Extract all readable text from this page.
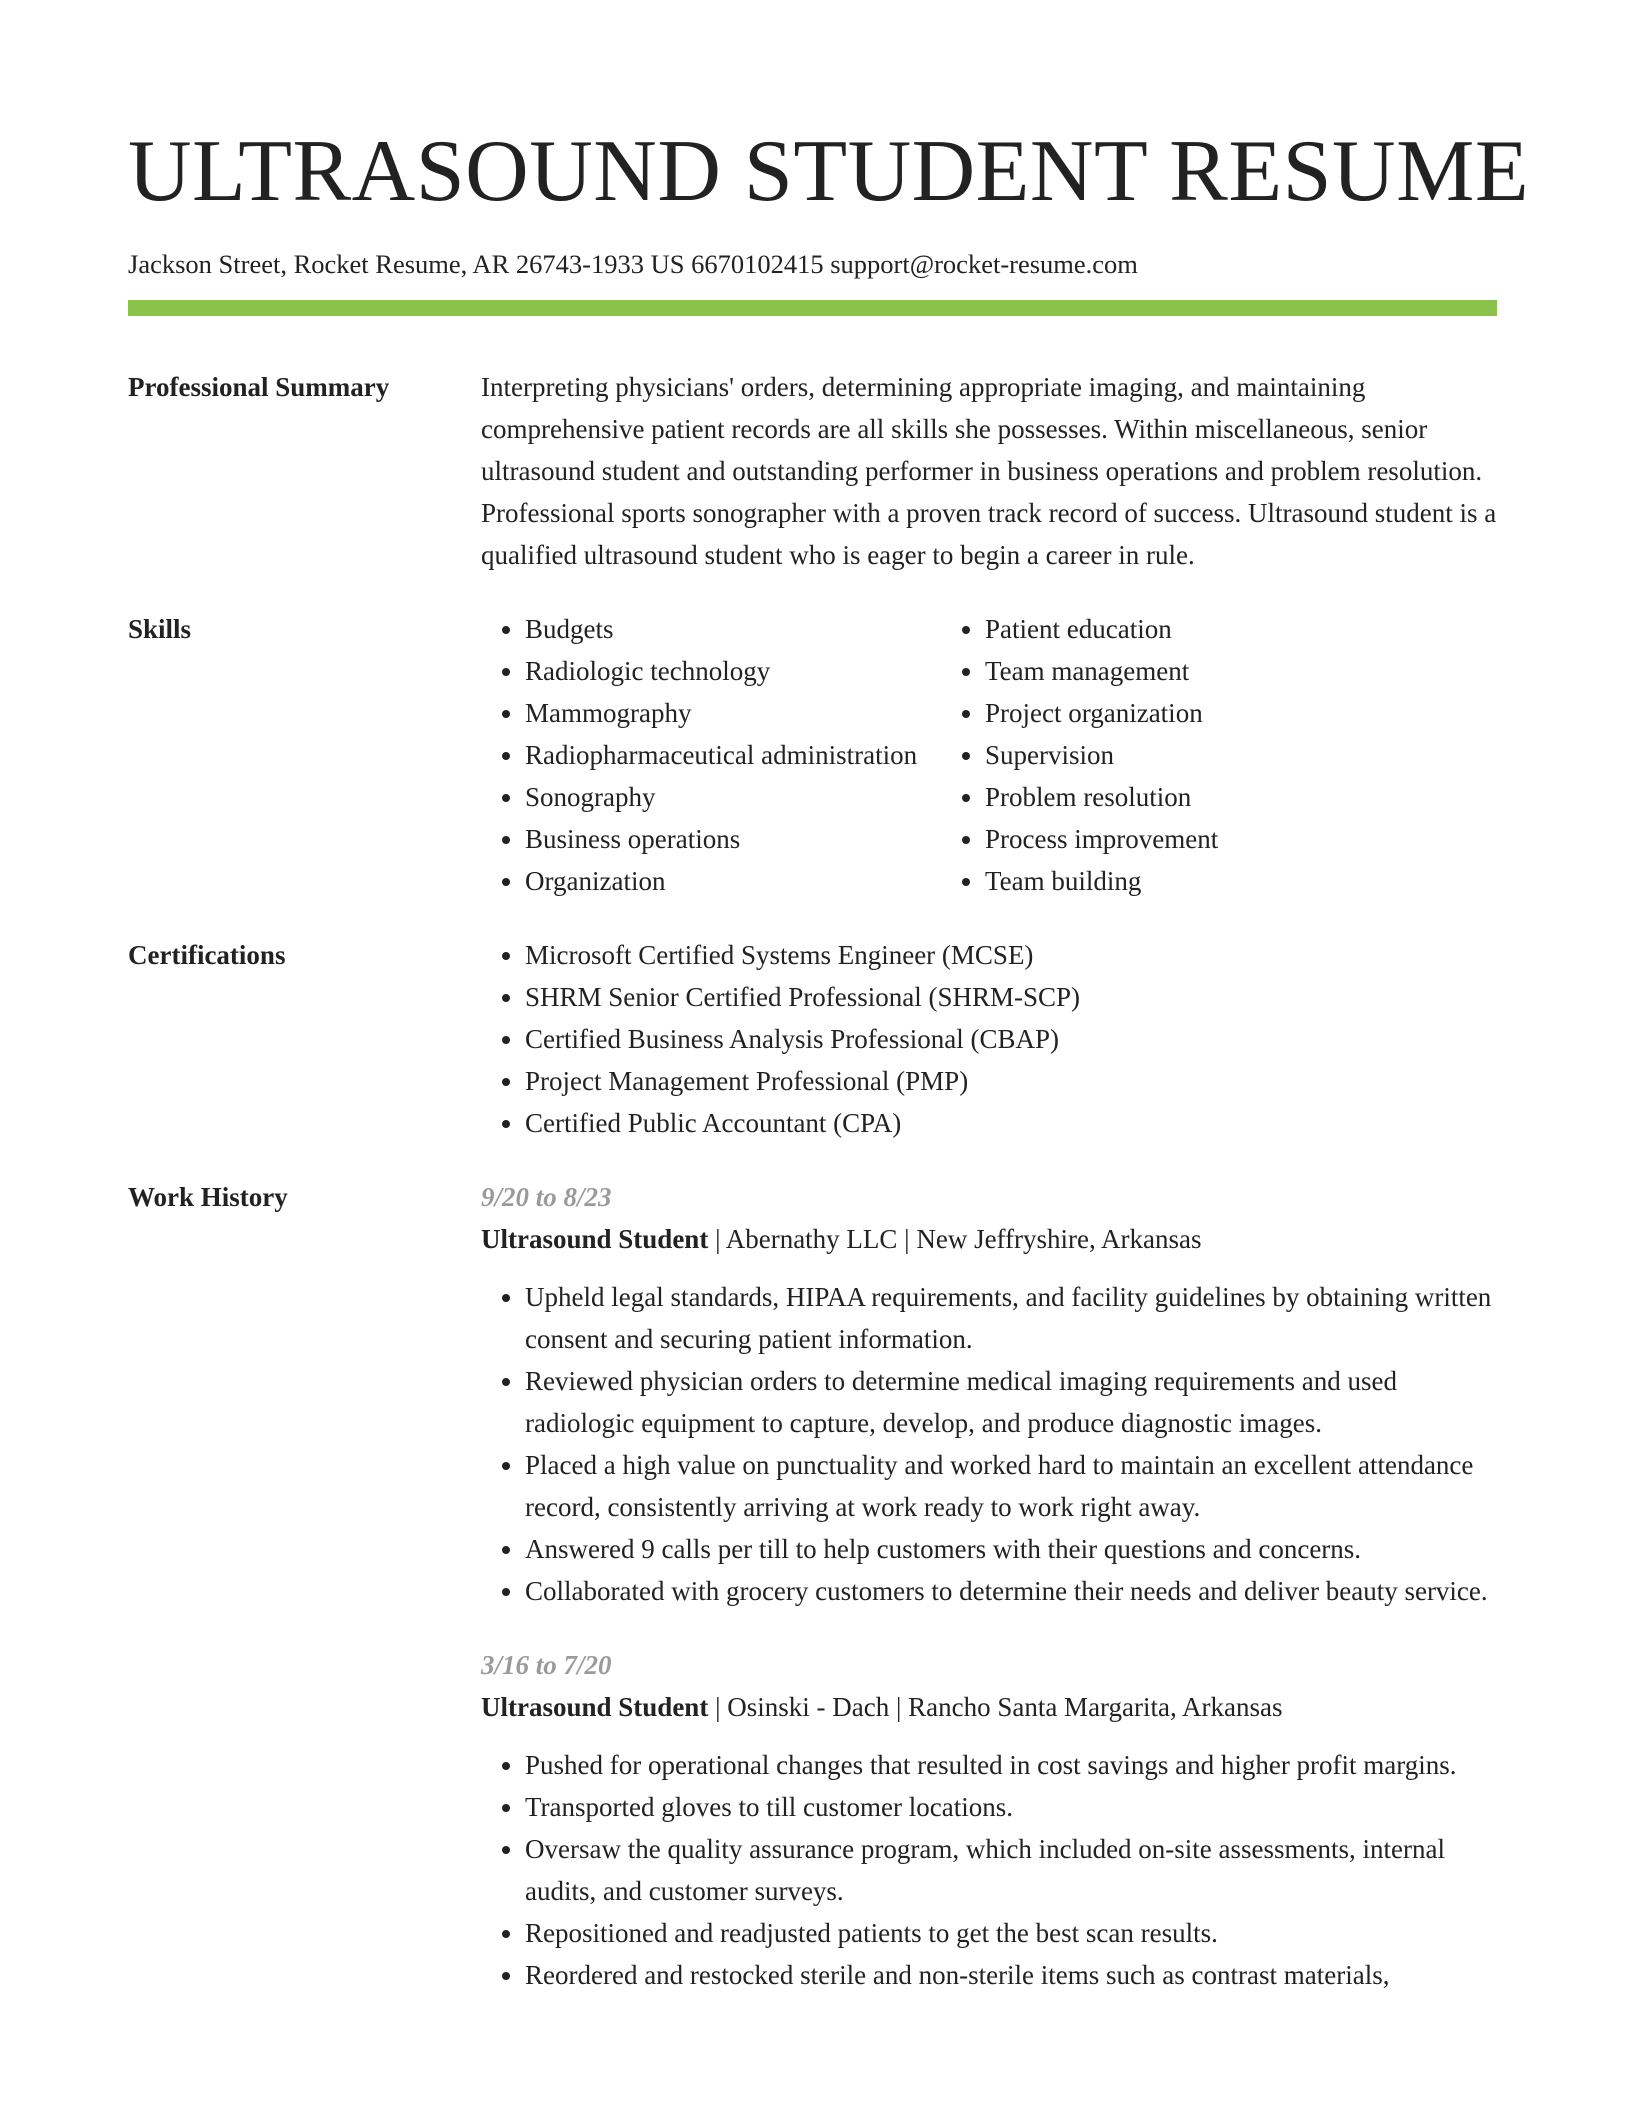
ULTRASOUND STUDENT RESUME
Jackson Street, Rocket Resume, AR 26743-1933 US 6670102415 support@rocket-resume.com
Professional Summary	Interpreting physicians' orders, determining appropriate imaging, and maintaining comprehensive patient records are all skills she possesses. Within miscellaneous, senior ultrasound student and outstanding performer in business operations and problem resolution. Professional sports sonographer with a proven track record of success. Ultrasound student is a qualified ultrasound student who is eager to begin a career in rule.

Skills	• Budgets
• Radiologic technology
• Mammography
• Radiopharmaceutical administration
• Sonography
• Business operations
• Organization
• Patient education
• Team management
• Project organization
• Supervision
• Problem resolution
• Process improvement
• Team building
Certifications	• Microsoft Certified Systems Engineer (MCSE)
• SHRM Senior Certified Professional (SHRM-SCP)
• Certified Business Analysis Professional (CBAP)
• Project Management Professional (PMP)
• Certified Public Accountant (CPA)
Work History	9/20 to 8/23
Ultrasound Student | Abernathy LLC | New Jeffryshire, Arkansas
• Upheld legal standards, HIPAA requirements, and facility guidelines by obtaining written consent and securing patient information.
• Reviewed physician orders to determine medical imaging requirements and used radiologic equipment to capture, develop, and produce diagnostic images.
• Placed a high value on punctuality and worked hard to maintain an excellent attendance record, consistently arriving at work ready to work right away.
• Answered 9 calls per till to help customers with their questions and concerns.
• Collaborated with grocery customers to determine their needs and deliver beauty service.
3/16 to 7/20
Ultrasound Student | Osinski - Dach | Rancho Santa Margarita, Arkansas
• Pushed for operational changes that resulted in cost savings and higher profit margins.
• Transported gloves to till customer locations.
• Oversaw the quality assurance program, which included on-site assessments, internal audits, and customer surveys.
• Repositioned and readjusted patients to get the best scan results.
• Reordered and restocked sterile and non-sterile items such as contrast materials,
